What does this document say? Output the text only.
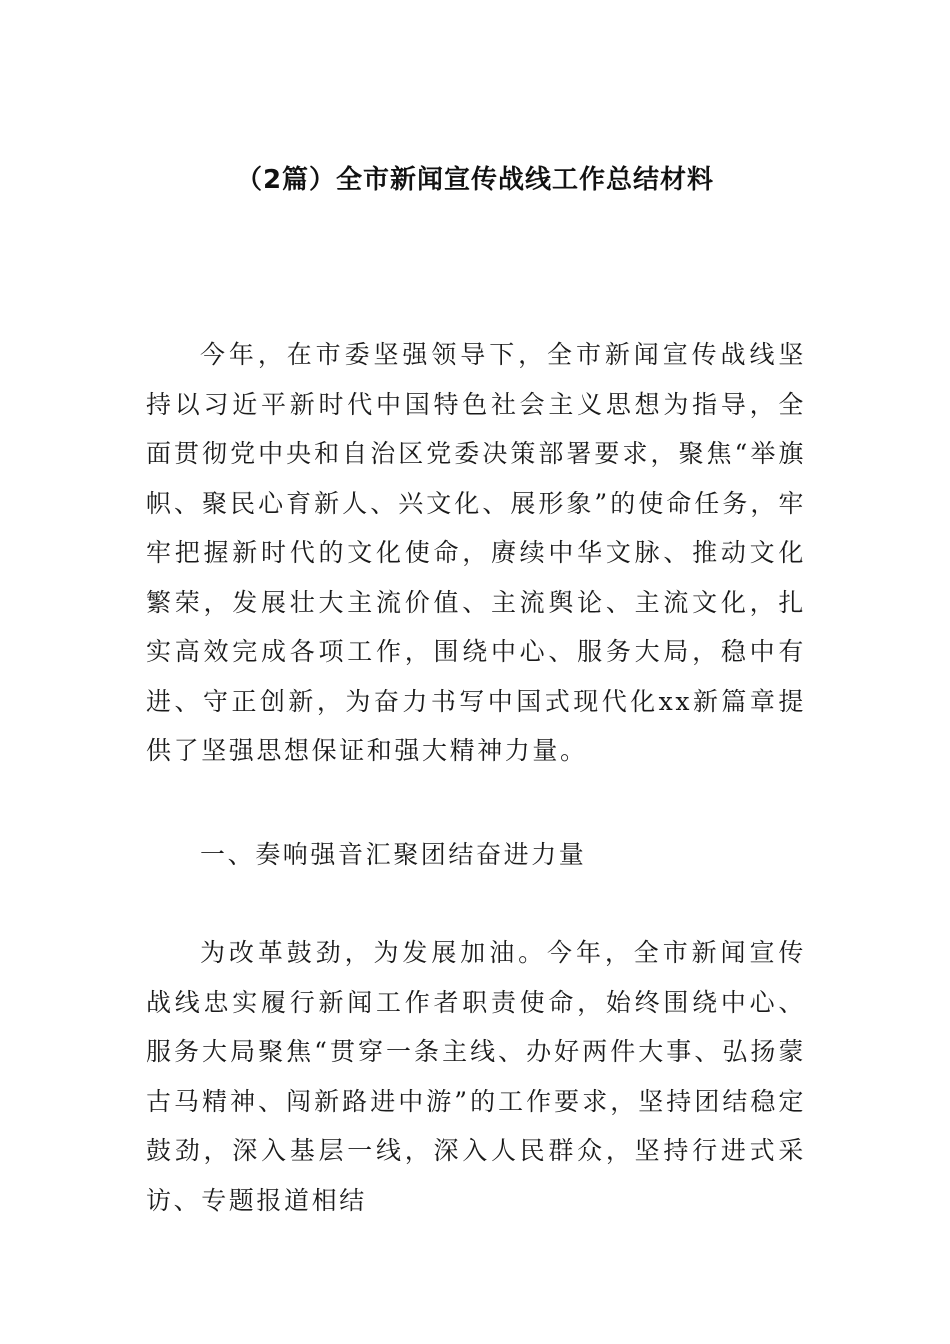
（2篇）全市新闻宣传战线工作总结材料

今年，在市委坚强领导下，全市新闻宣传战线坚持以习近平新时代中国特色社会主义思想为指导，全面贯彻党中央和自治区党委决策部署要求，聚焦“举旗帜、聚民心育新人、兴文化、展形象”的使命任务，牢牢把握新时代的文化使命，赓续中华文脉、推动文化繁荣，发展壮大主流价值、主流舆论、主流文化，扎实高效完成各项工作，围绕中心、服务大局，稳中有进、守正创新，为奋力书写中国式现代化xx新篇章提供了坚强思想保证和强大精神力量。

一、奏响强音汇聚团结奋进力量

为改革鼓劲，为发展加油。今年，全市新闻宣传战线忠实履行新闻工作者职责使命，始终围绕中心、服务大局聚焦“贯穿一条主线、办好两件大事、弘扬蒙古马精神、闯新路进中游”的工作要求，坚持团结稳定鼓劲，深入基层一线，深入人民群众，坚持行进式采访、专题报道相结
